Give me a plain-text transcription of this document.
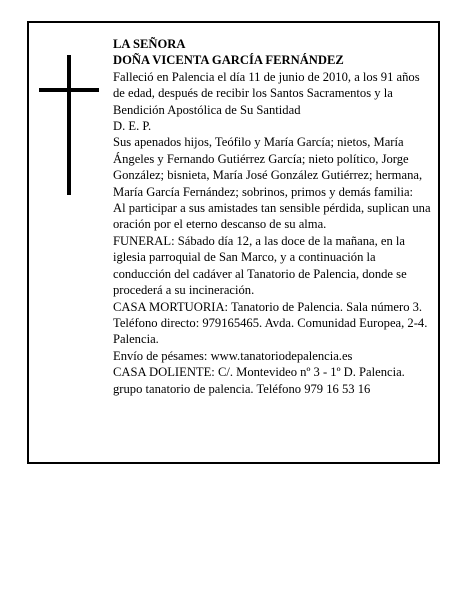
LA SEÑORA

DOÑA VICENTA GARCÍA FERNÁNDEZ

Falleció en Palencia el día 11 de junio de 2010, a los 91 años de edad, después de recibir los Santos Sacramentos y la Bendición Apostólica de Su Santidad

D. E. P.

Sus apenados hijos, Teófilo y María García; nietos, María Ángeles y Fernando Gutiérrez García; nieto político, Jorge González; bisnieta, María José González Gutiérrez; hermana, María García Fernández; sobrinos, primos y demás familia:

Al participar a sus amistades tan sensible pérdida, suplican una oración por el eterno descanso de su alma.

FUNERAL: Sábado día 12, a las doce de la mañana, en la iglesia parroquial de San Marco, y a continuación la conducción del cadáver al Tanatorio de Palencia, donde se procederá a su incineración.

CASA MORTUORIA: Tanatorio de Palencia. Sala número 3. Teléfono directo: 979165465. Avda. Comunidad Europea, 2-4. Palencia.

Envío de pésames: www.tanatoriodepalencia.es

CASA DOLIENTE: C/. Montevideo nº 3 - 1º D. Palencia.

grupo tanatorio de palencia. Teléfono 979 16 53 16
